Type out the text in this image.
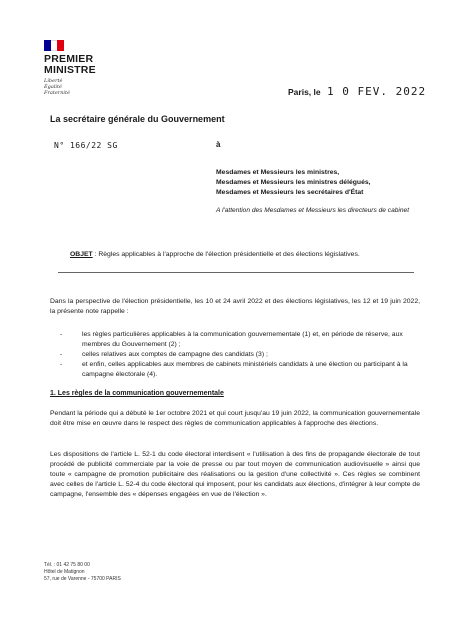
PREMIER
MINISTRE
Liberté
Égalité
Fraternité	Paris, le 1 0 FEV. 2022
La secrétaire générale du Gouvernement
N° 166/22 SG	à
Mesdames et Messieurs les ministres,
Mesdames et Messieurs les ministres délégués,
Mesdames et Messieurs les secrétaires d'État
A l'attention des Mesdames et Messieurs les directeurs de cabinet
OBJET : Règles applicables à l'approche de l'élection présidentielle et des élections législatives.
Dans la perspective de l'élection présidentielle, les 10 et 24 avril 2022 et des élections législatives, les 12 et 19 juin 2022, la présente note rappelle :
- les règles particulières applicables à la communication gouvernementale (1) et, en période de réserve, aux membres du Gouvernement (2) ;
- celles relatives aux comptes de campagne des candidats (3) ;
- et enfin, celles applicables aux membres de cabinets ministériels candidats à une élection ou participant à la campagne électorale (4).
1. Les règles de la communication gouvernementale
Pendant la période qui a débuté le 1er octobre 2021 et qui court jusqu'au 19 juin 2022, la communication gouvernementale doit être mise en œuvre dans le respect des règles de communication applicables à l'approche des élections.
Les dispositions de l'article L. 52-1 du code électoral interdisent « l'utilisation à des fins de propagande électorale de tout procédé de publicité commerciale par la voie de presse ou par tout moyen de communication audiovisuelle » ainsi que toute « campagne de promotion publicitaire des réalisations ou la gestion d'une collectivité ». Ces règles se combinent avec celles de l'article L. 52-4 du code électoral qui imposent, pour les candidats aux élections, d'intégrer à leur compte de campagne, l'ensemble des « dépenses engagées en vue de l'élection ».
Tél. : 01 42 75 80 00
Hôtel de Matignon
57, rue de Varenne - 75700 PARIS
